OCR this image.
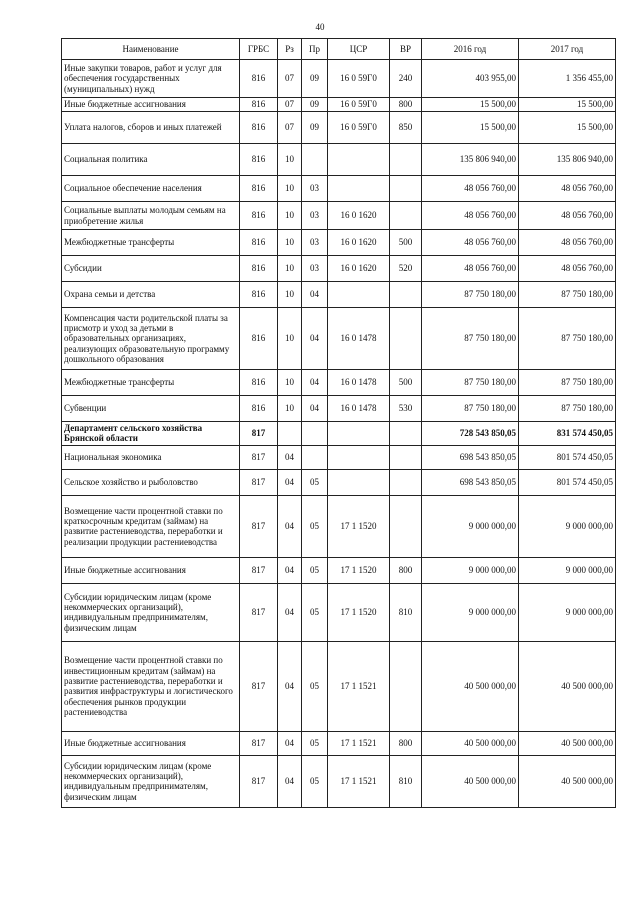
40
Наименование	ГРБС	Рз	Пр	ЦСР	ВР	2016 год	2017 год
Иные закупки товаров, работ и услуг для обеспечения государственных (муниципальных) нужд	816	07	09	16 0 59Г0	240	403 955,00	1 356 455,00
Иные бюджетные ассигнования	816	07	09	16 0 59Г0	800	15 500,00	15 500,00
Уплата налогов, сборов и иных платежей	816	07	09	16 0 59Г0	850	15 500,00	15 500,00
Социальная политика	816	10				135 806 940,00	135 806 940,00
Социальное обеспечение населения	816	10	03			48 056 760,00	48 056 760,00
Социальные выплаты молодым семьям на приобретение жилья	816	10	03	16 0 1620		48 056 760,00	48 056 760,00
Межбюджетные трансферты	816	10	03	16 0 1620	500	48 056 760,00	48 056 760,00
Субсидии	816	10	03	16 0 1620	520	48 056 760,00	48 056 760,00
Охрана семьи и детства	816	10	04			87 750 180,00	87 750 180,00
Компенсация части родительской платы за присмотр и уход за детьми в образовательных организациях, реализующих образовательную программу дошкольного образования	816	10	04	16 0 1478		87 750 180,00	87 750 180,00
Межбюджетные трансферты	816	10	04	16 0 1478	500	87 750 180,00	87 750 180,00
Субвенции	816	10	04	16 0 1478	530	87 750 180,00	87 750 180,00
Департамент сельского хозяйства Брянской области	817					728 543 850,05	831 574 450,05
Национальная экономика	817	04				698 543 850,05	801 574 450,05
Сельское хозяйство и рыболовство	817	04	05			698 543 850,05	801 574 450,05
Возмещение части процентной ставки по краткосрочным кредитам (займам) на развитие растениеводства, переработки и реализации продукции растениеводства	817	04	05	17 1 1520		9 000 000,00	9 000 000,00
Иные бюджетные ассигнования	817	04	05	17 1 1520	800	9 000 000,00	9 000 000,00
Субсидии юридическим лицам (кроме некоммерческих организаций), индивидуальным предпринимателям, физическим лицам	817	04	05	17 1 1520	810	9 000 000,00	9 000 000,00
Возмещение части процентной ставки по инвестиционным кредитам (займам) на развитие растениеводства, переработки и развития инфраструктуры и логистического обеспечения рынков продукции растениеводства	817	04	05	17 1 1521		40 500 000,00	40 500 000,00
Иные бюджетные ассигнования	817	04	05	17 1 1521	800	40 500 000,00	40 500 000,00
Субсидии юридическим лицам (кроме некоммерческих организаций), индивидуальным предпринимателям, физическим лицам	817	04	05	17 1 1521	810	40 500 000,00	40 500 000,00
